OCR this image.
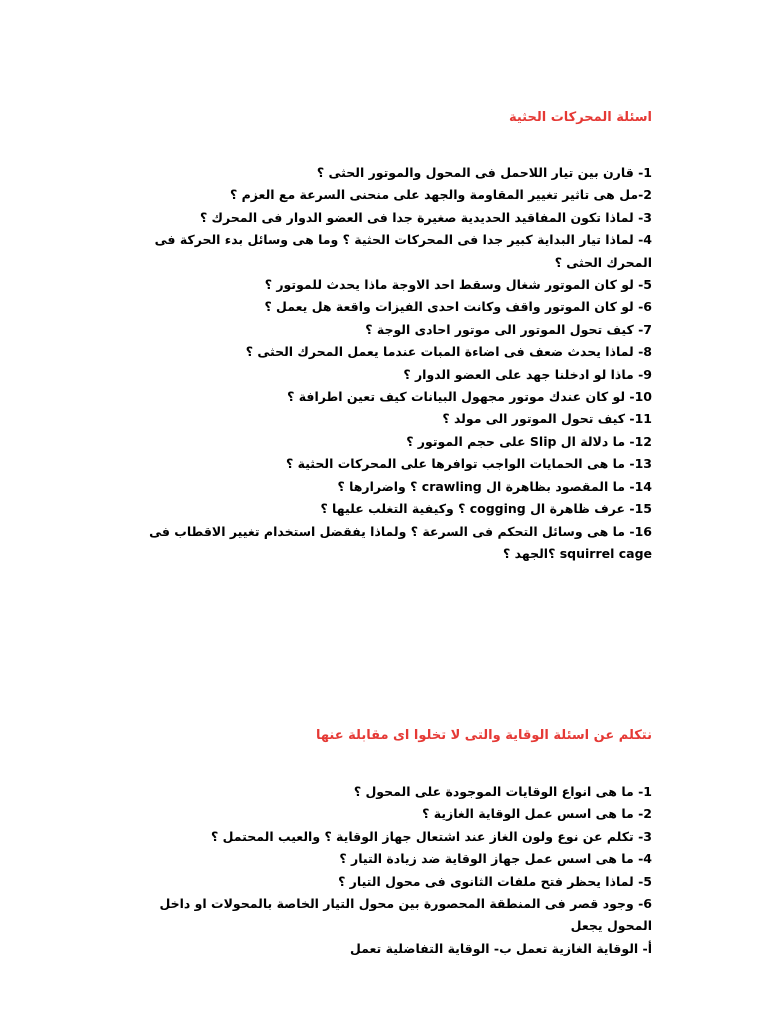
اسئلة المحركات الحثية

1- قارن بين تيار اللاحمل فى المحول والموتور الحثى ؟

2-مل هى تاثير تغيير المقاومة والجهد على منحنى السرعة مع العزم ؟

3- لماذا تكون المفاقيد الحديدية صغيرة جدا فى العضو الدوار فى المحرك ؟

4- لماذا تيار البداية كبير جدا فى المحركات الحثية ؟ وما هى وسائل بدء الحركة فى المحرك الحثى ؟

5- لو كان الموتور شغال وسقط احد الاوجة ماذا يحدث للموتور ؟

6- لو كان الموتور واقف وكانت احدى الفيزات واقعة هل يعمل ؟

7- كيف تحول الموتور الى موتور احادى الوجة ؟

8- لماذا يحدث ضعف فى اضاءة المبات عندما يعمل المحرك الحثى ؟

9- ماذا لو ادخلنا جهد على العضو الدوار ؟

10- لو كان عندك موتور مجهول البيانات كيف تعين اطرافة ؟

11- كيف تحول الموتور الى مولد ؟

12- ما دلالة ال Slip على حجم الموتور ؟

13- ما هى الحمايات الواجب توافرها على المحركات الحثية ؟

14- ما المقصود بظاهرة ال crawling ؟ واضرارها ؟

15- عرف ظاهرة ال cogging ؟ وكيفية التغلب عليها ؟

16- ما هى وسائل التحكم فى السرعة ؟ ولماذا يفقضل استخدام تغيير الاقطاب فى squirrel cage ؟الجهد ؟

نتكلم عن اسئلة الوقاية والتى لا تخلوا اى مقابلة عنها

1- ما هى انواع الوقايات الموجودة على المحول ؟

2- ما هى اسس عمل الوقاية الغازية ؟

3- تكلم عن نوع ولون الغاز عند اشتعال جهاز الوقاية ؟ والعيب المحتمل ؟

4- ما هى اسس عمل جهاز الوقاية ضد زيادة التيار ؟

5- لماذا يحظر فتح ملفات الثانوى فى محول التيار ؟

6- وجود قصر فى المنطقة المحصورة بين محول التيار الخاصة بالمحولات او داخل المحول يجعل

أ- الوقاية الغازية تعمل ب- الوقاية التفاضلية تعمل
